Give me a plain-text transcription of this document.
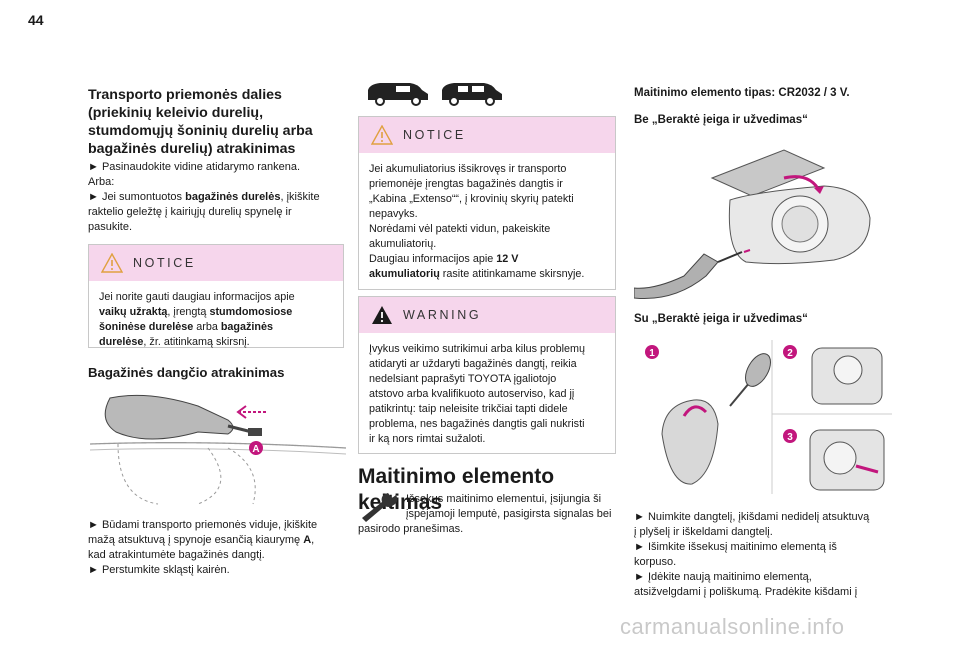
44
Transporto priemonės dalies
(priekinių keleivio durelių,
stumdomųjų šoninių durelių arba
bagažinės durelių) atrakinimas
► Pasinaudokite vidine atidarymo rankena.
Arba:
► Jei sumontuotos bagažinės durelės, įkiškite
raktelio geležtę į kairiųjų durelių spynelę ir
pasukite.
NOTICE
Jei norite gauti daugiau informacijos apie
vaikų užraktą, įrengtą stumdomosiose
šoninėse durelėse arba bagažinės
durelėse, žr. atitinkamą skirsnį.
Bagažinės dangčio atrakinimas
A
► Būdami transporto priemonės viduje, įkiškite
mažą atsuktuvą į spynoje esančią kiaurymę A,
kad atrakintumėte bagažinės dangtį.
► Perstumkite skląstį kairėn.
NOTICE
Jei akumuliatorius išsikrovęs ir transporto
priemonėje įrengtas bagažinės dangtis ir
„Kabina „Extenso““, į krovinių skyrių patekti
nepavyks.
Norėdami vėl patekti vidun, pakeiskite
akumuliatorių.
Daugiau informacijos apie 12 V
akumuliatorių rasite atitinkamame skirsnyje.
WARNING
Įvykus veikimo sutrikimui arba kilus problemų
atidaryti ar uždaryti bagažinės dangtį, reikia
nedelsiant paprašyti TOYOTA įgaliotojo
atstovo arba kvalifikuoto autoserviso, kad jį
patikrintų: taip neleisite trikčiai tapti didele
problema, nes bagažinės dangtis gali nukristi
ir ką nors rimtai sužaloti.
Maitinimo elemento keitimas
Išsekus maitinimo elementui, įsijungia ši
įspėjamoji lemputė, pasigirsta signalas bei
pasirodo pranešimas.
Maitinimo elemento tipas: CR2032 / 3 V.
Be „Beraktė įeiga ir užvedimas“
Su „Beraktė įeiga ir užvedimas“
1	2
3
► Nuimkite dangtelį, įkišdami nedidelį atsuktuvą
į plyšelį ir iškeldami dangtelį.
► Išimkite išsekusį maitinimo elementą iš
korpuso.
► Įdėkite naują maitinimo elementą,
atsižvelgdami į poliškumą. Pradėkite kišdami į
carmanualsonline.info
